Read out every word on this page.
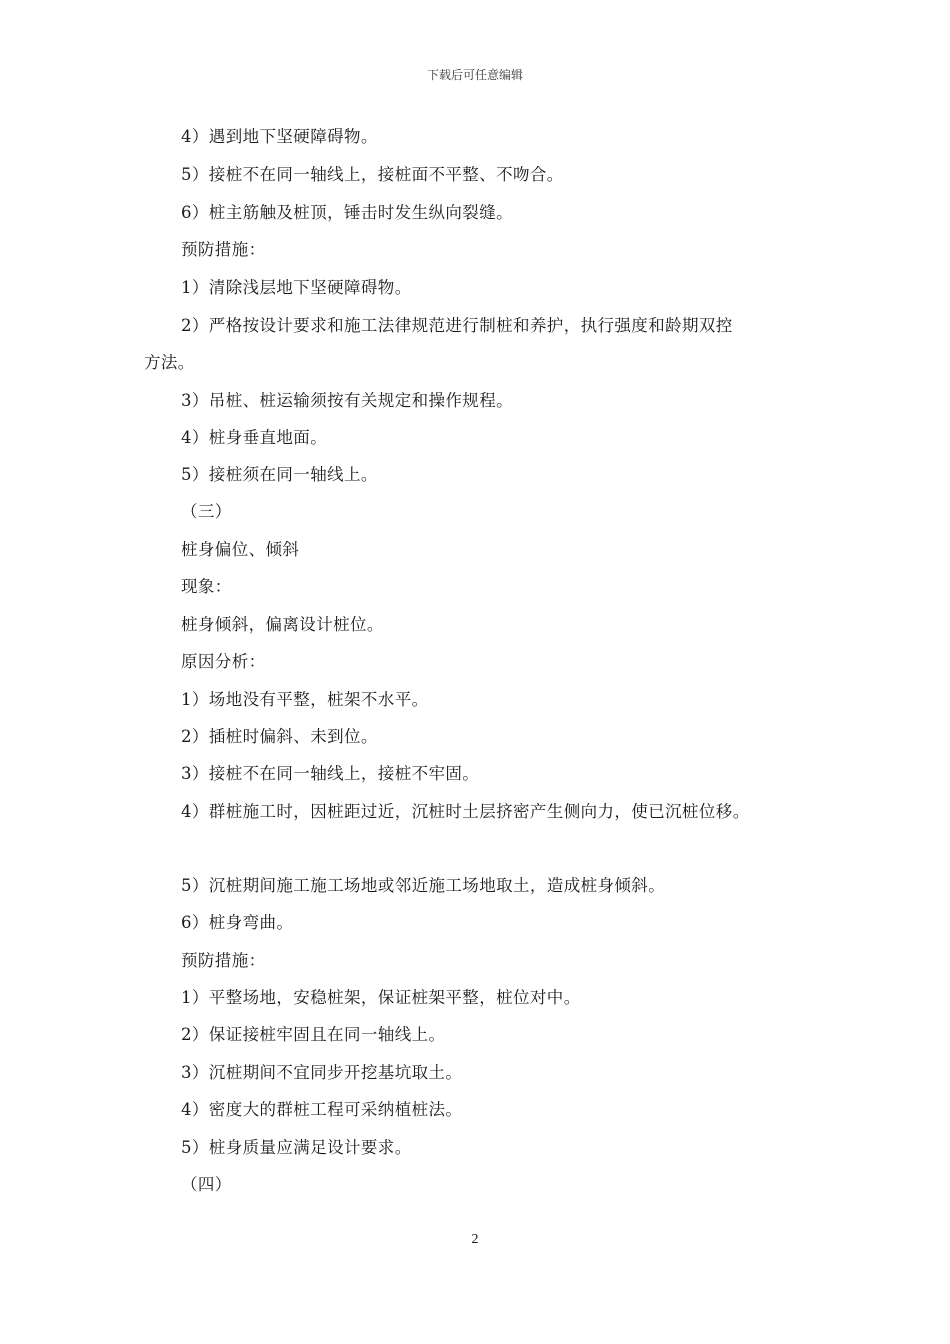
下载后可任意编辑
4）遇到地下坚硬障碍物。
5）接桩不在同一轴线上，接桩面不平整、不吻合。
6）桩主筋触及桩顶，锤击时发生纵向裂缝。
预防措施：
1）清除浅层地下坚硬障碍物。
2）严格按设计要求和施工法律规范进行制桩和养护，执行强度和龄期双控
方法。
3）吊桩、桩运输须按有关规定和操作规程。
4）桩身垂直地面。
5）接桩须在同一轴线上。
（三）
桩身偏位、倾斜
现象：
桩身倾斜，偏离设计桩位。
原因分析：
1）场地没有平整，桩架不水平。
2）插桩时偏斜、未到位。
3）接桩不在同一轴线上，接桩不牢固。
4）群桩施工时，因桩距过近，沉桩时土层挤密产生侧向力，使已沉桩位移。
5）沉桩期间施工施工场地或邻近施工场地取土，造成桩身倾斜。
6）桩身弯曲。
预防措施：
1）平整场地，安稳桩架，保证桩架平整，桩位对中。
2）保证接桩牢固且在同一轴线上。
3）沉桩期间不宜同步开挖基坑取土。
4）密度大的群桩工程可采纳植桩法。
5）桩身质量应满足设计要求。
（四）
2
